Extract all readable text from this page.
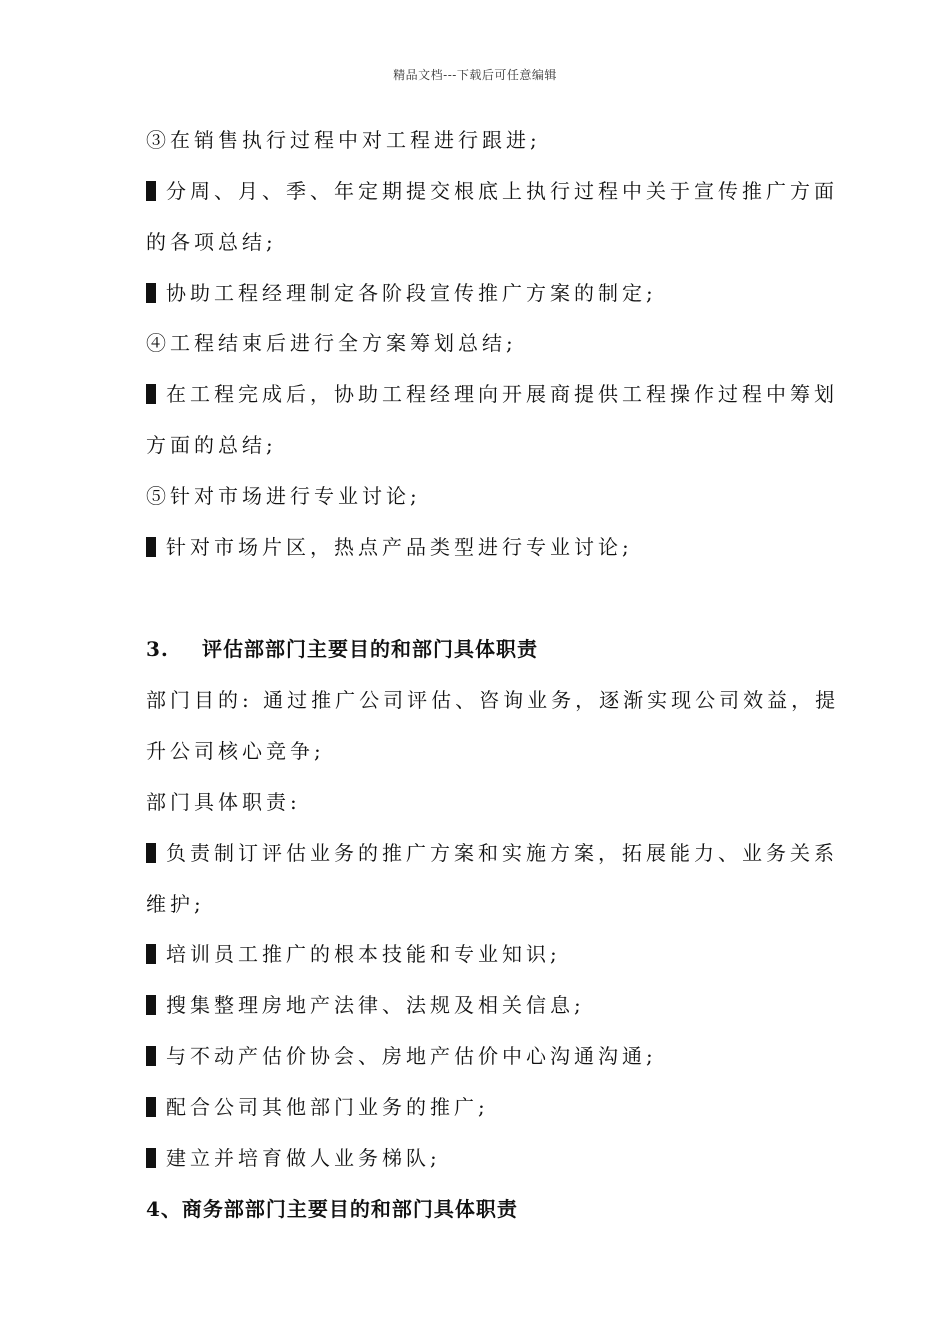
精品文档---下载后可任意编辑
③在销售执行过程中对工程进行跟进;
分周、月、季、年定期提交根底上执行过程中关于宣传推广方面
的各项总结;
协助工程经理制定各阶段宣传推广方案的制定;
④工程结束后进行全方案筹划总结;
在工程完成后，协助工程经理向开展商提供工程操作过程中筹划
方面的总结;
⑤针对市场进行专业讨论;
针对市场片区，热点产品类型进行专业讨论;
3. 评估部部门主要目的和部门具体职责
部门目的: 通过推广公司评估、咨询业务，逐渐实现公司效益，提
升公司核心竞争;
部门具体职责:
负责制订评估业务的推广方案和实施方案，拓展能力、业务关系
维护;
培训员工推广的根本技能和专业知识;
搜集整理房地产法律、法规及相关信息;
与不动产估价协会、房地产估价中心沟通沟通;
配合公司其他部门业务的推广;
建立并培育做人业务梯队;
4、商务部部门主要目的和部门具体职责
